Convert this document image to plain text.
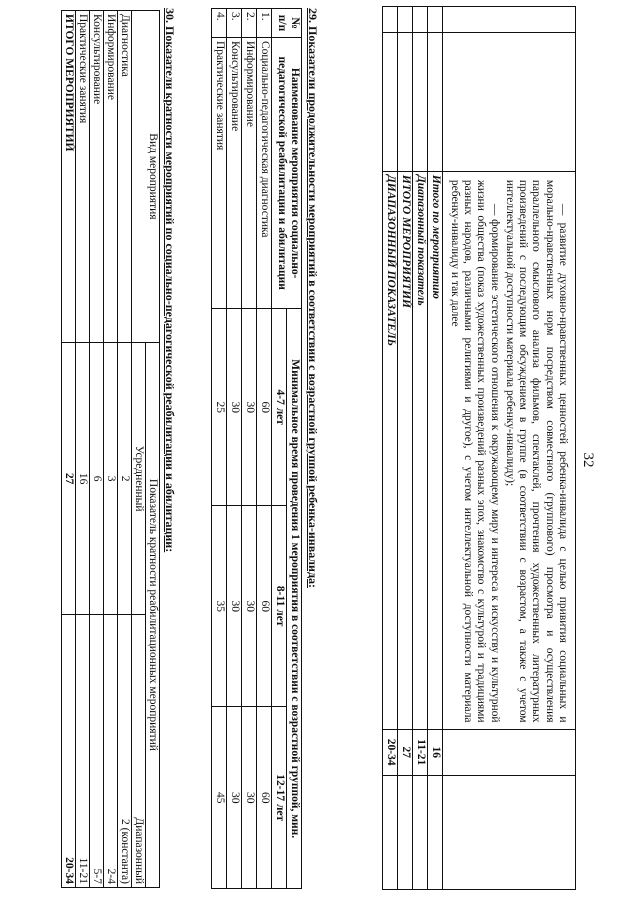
32

		— развитие духовно-нравственных ценностей ребенка-инвалида с целью привития социальных и морально-нравственных норм посредством совместного (группового) просмотра и осуществления параллельного смыслового анализа фильмов, спектаклей, прочтения художественных литературных произведений с последующим обсуждением в группе (в соответствии с возрастом, а также с учетом интеллектуальной доступности материала ребенку-инвалиду);

— формирование эстетического отношения к окружающему миру и интереса к искусству и культурной жизни общества (показ художественных произведений разных эпох, знакомство с культурой и традициями разных народов, различными религиями и другое), с учетом интеллектуальной доступности материала ребенку-инвалиду и так далее		

		Итого по мероприятию	16	
		Диапазонный показатель	11-21	
		ИТОГО МЕРОПРИЯТИЙ	27	
		ДИАПАЗОННЫЙ ПОКАЗАТЕЛЬ	20-34	
29. Показатели продолжительности мероприятий в соответствии с возрастной группой ребенка-инвалида:
№ п/п	Наименование мероприятия социально-педагогической реабилитации и абилитации	Минимальное время проведения 1 мероприятия в соответствии с возрастной группой, мин.		
		4-7 лет	8-11 лет	12-17 лет
1.	Социально-педагогическая диагностика	60	60	60
2.	Информирование	30	30	30
3.	Консультирование	30	30	30
4.	Практические занятия	25	35	45
30. Показатели кратности мероприятий по социально-педагогической реабилитации и абилитации:
Вид мероприятия	Показатель кратности реабилитационных мероприятий	
	Усредненный	Диапазонный
Диагностика	2	2 (константа)
Информирование	3	2-4
Консультирование	6	5-7
Практические занятия	16	11-21
ИТОГО МЕРОПРИЯТИЙ	27	20-34
